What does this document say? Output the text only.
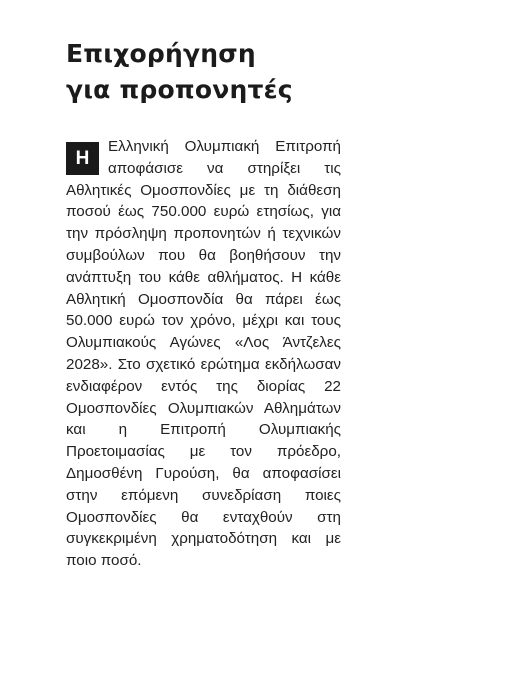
Επιχορήγηση
για προπονητές
Η
Ελληνική Ολυμπιακή Επιτροπή αποφάσισε να στηρίξει τις Αθλητικές Ομοσπονδίες με τη διάθεση ποσού έως 750.000 ευρώ ετησίως, για την πρόσληψη προπονητών ή τεχνικών συμβούλων που θα βοηθήσουν την ανάπτυξη του κάθε αθλήματος. Η κάθε Αθλητική Ομοσπονδία θα πάρει έως 50.000 ευρώ τον χρόνο, μέχρι και τους Ολυμπιακούς Αγώνες «Λος Άντζελες 2028». Στο σχετικό ερώτημα εκδήλωσαν ενδιαφέρον εντός της διορίας 22 Ομοσπονδίες Ολυμπιακών Αθλημάτων και η Επιτροπή Ολυμπιακής Προετοιμασίας με τον πρόεδρο, Δημοσθένη Γυρούση, θα αποφασίσει στην επόμενη συνεδρίαση ποιες Ομοσπονδίες θα ενταχθούν στη συγκεκριμένη χρηματοδότηση και με ποιο ποσό.
